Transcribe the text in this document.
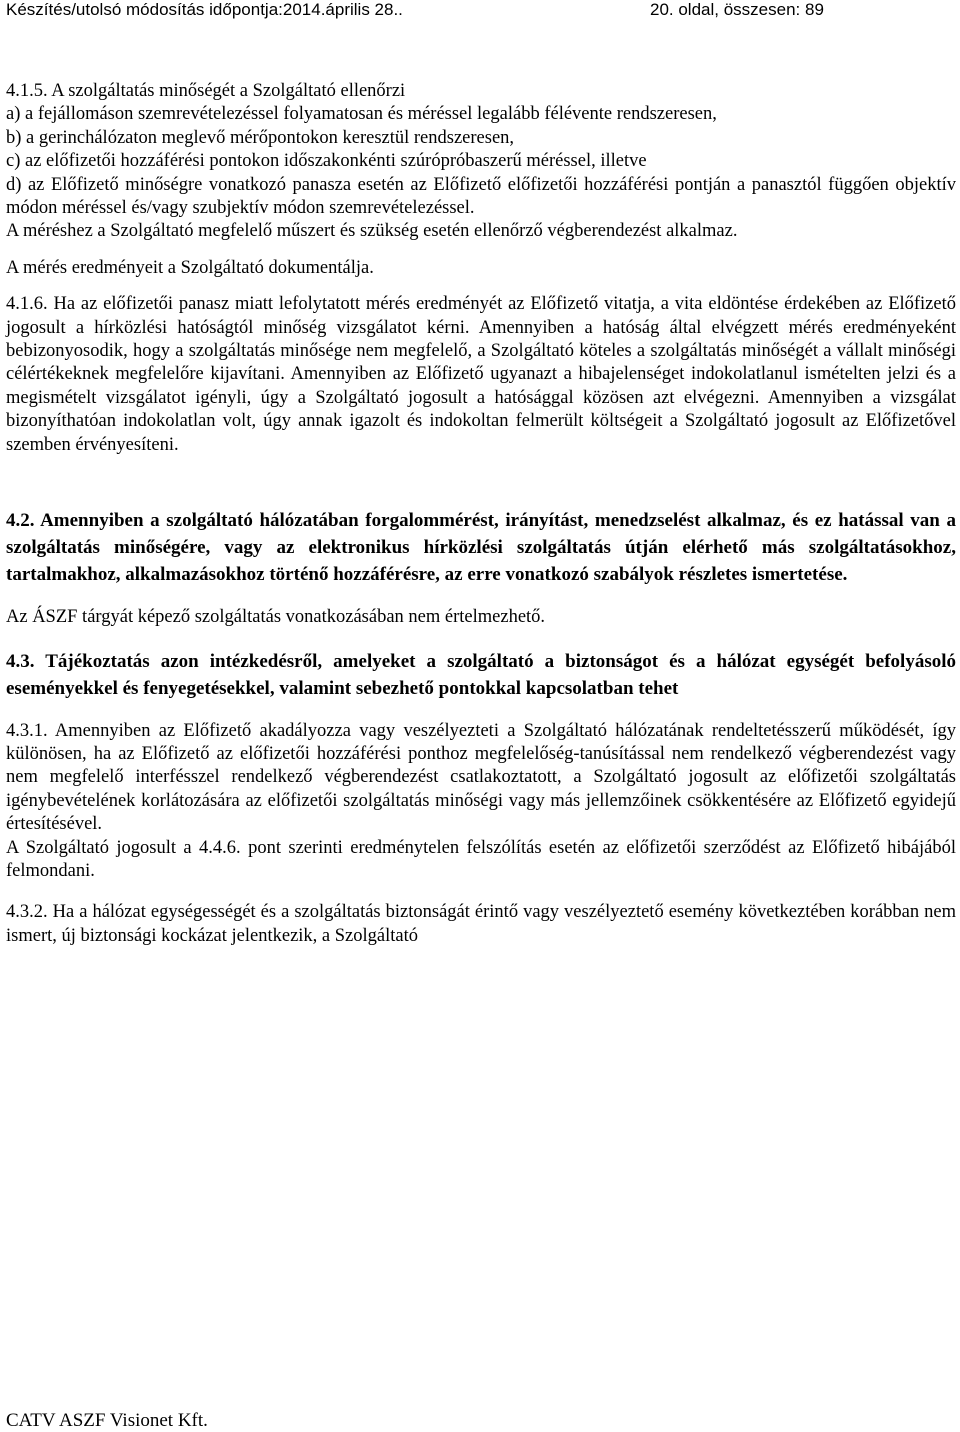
Készítés/utolsó módosítás időpontja:2014.április 28..	20. oldal, összesen: 89

4.1.5. A szolgáltatás minőségét a Szolgáltató ellenőrzi

a) a fejállomáson szemrevételezéssel folyamatosan és méréssel legalább félévente rendszeresen,

b) a gerinchálózaton meglevő mérőpontokon keresztül rendszeresen,

c) az előfizetői hozzáférési pontokon időszakonkénti szúrópróbaszerű méréssel, illetve

d) az Előfizető minőségre vonatkozó panasza esetén az Előfizető előfizetői hozzáférési pontján a panasztól függően objektív módon méréssel és/vagy szubjektív módon szemrevételezéssel.

A méréshez a Szolgáltató megfelelő műszert és szükség esetén ellenőrző végberendezést alkalmaz.

A mérés eredményeit a Szolgáltató dokumentálja.

4.1.6. Ha az előfizetői panasz miatt lefolytatott mérés eredményét az Előfizető vitatja, a vita eldöntése érdekében az Előfizető jogosult a hírközlési hatóságtól minőség vizsgálatot kérni. Amennyiben a hatóság által elvégzett mérés eredményeként bebizonyosodik, hogy a szolgáltatás minősége nem megfelelő, a Szolgáltató köteles a szolgáltatás minőségét a vállalt minőségi célértékeknek megfelelőre kijavítani. Amennyiben az Előfizető ugyanazt a hibajelenséget indokolatlanul ismételten jelzi és a megismételt vizsgálatot igényli, úgy a Szolgáltató jogosult a hatósággal közösen azt elvégezni. Amennyiben a vizsgálat bizonyíthatóan indokolatlan volt, úgy annak igazolt és indokoltan felmerült költségeit a Szolgáltató jogosult az Előfizetővel szemben érvényesíteni.

4.2. Amennyiben a szolgáltató hálózatában forgalommérést, irányítást, menedzselést alkalmaz, és ez hatással van a szolgáltatás minőségére, vagy az elektronikus hírközlési szolgáltatás útján elérhető más szolgáltatásokhoz, tartalmakhoz, alkalmazásokhoz történő hozzáférésre, az erre vonatkozó szabályok részletes ismertetése.

Az ÁSZF tárgyát képező szolgáltatás vonatkozásában nem értelmezhető.

4.3. Tájékoztatás azon intézkedésről, amelyeket a szolgáltató a biztonságot és a hálózat egységét befolyásoló eseményekkel és fenyegetésekkel, valamint sebezhető pontokkal kapcsolatban tehet

4.3.1. Amennyiben az Előfizető akadályozza vagy veszélyezteti a Szolgáltató hálózatának rendeltetésszerű működését, így különösen, ha az Előfizető az előfizetői hozzáférési ponthoz megfelelőség-tanúsítással nem rendelkező végberendezést vagy nem megfelelő interfésszel rendelkező végberendezést csatlakoztatott, a Szolgáltató jogosult az előfizetői szolgáltatás igénybevételének korlátozására az előfizetői szolgáltatás minőségi vagy más jellemzőinek csökkentésére az Előfizető egyidejű értesítésével.

A Szolgáltató jogosult a 4.4.6. pont szerinti eredménytelen felszólítás esetén az előfizetői szerződést az Előfizető hibájából felmondani.

4.3.2. Ha a hálózat egységességét és a szolgáltatás biztonságát érintő vagy veszélyeztető esemény következtében korábban nem ismert, új biztonsági kockázat jelentkezik, a Szolgáltató

CATV ASZF Visionet Kft.
